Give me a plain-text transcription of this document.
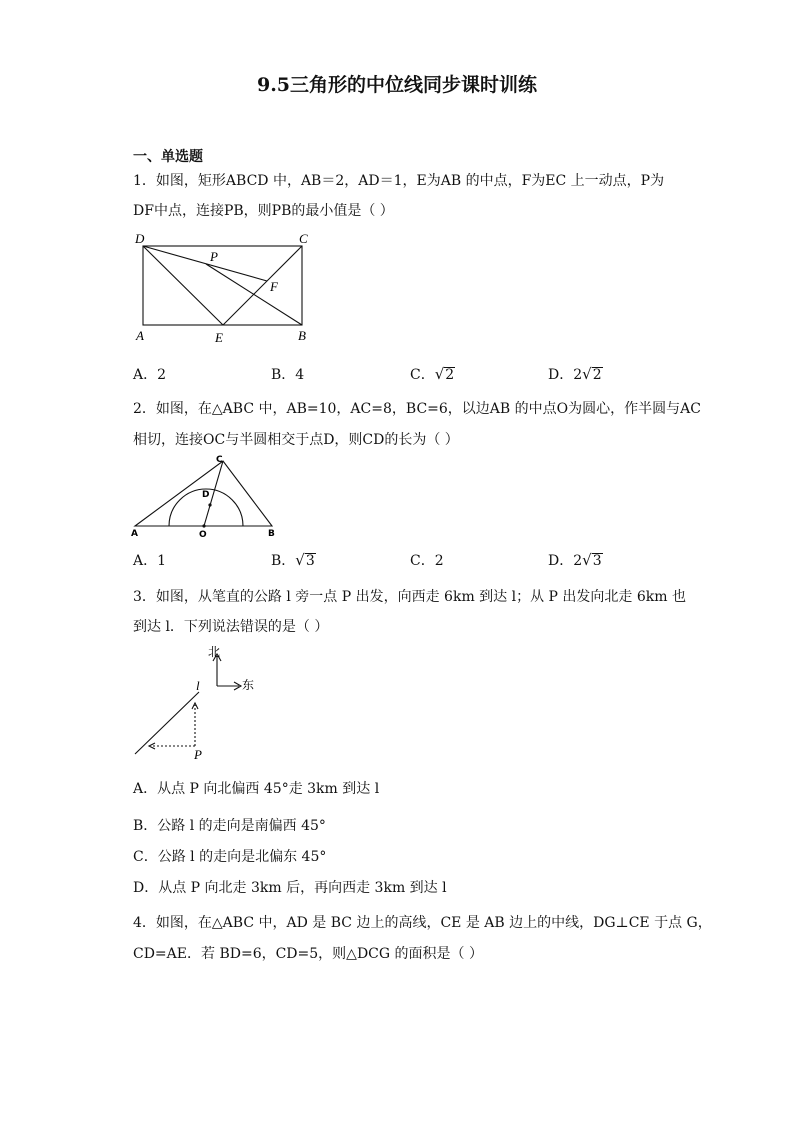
9.5三角形的中位线同步课时训练
一、单选题
1．如图，矩形ABCD 中，AB＝2，AD＝1，E为AB 的中点，F为EC 上一动点，P为
DF中点，连接PB，则PB的最小值是（ ）
D	C
P
F
A	E	B
A．2	B．4	C．√2	D．2√2
2．如图，在△ABC 中，AB=10，AC=8，BC=6，以边AB 的中点O为圆心，作半圆与AC
相切，连接OC与半圆相交于点D，则CD的长为（ ）
C
D
A	O	B
A．1	B．√3	C．2	D．2√3
3．如图，从笔直的公路 l 旁一点 P 出发，向西走 6km 到达 l；从 P 出发向北走 6km 也
到达 l．下列说法错误的是（ ）
北
东
l
P
A．从点 P 向北偏西 45°走 3km 到达 l
B．公路 l 的走向是南偏西 45°
C．公路 l 的走向是北偏东 45°
D．从点 P 向北走 3km 后，再向西走 3km 到达 l
4．如图，在△ABC 中，AD 是 BC 边上的高线，CE 是 AB 边上的中线，DG⊥CE 于点 G，
CD=AE．若 BD=6，CD=5，则△DCG 的面积是（ ）
